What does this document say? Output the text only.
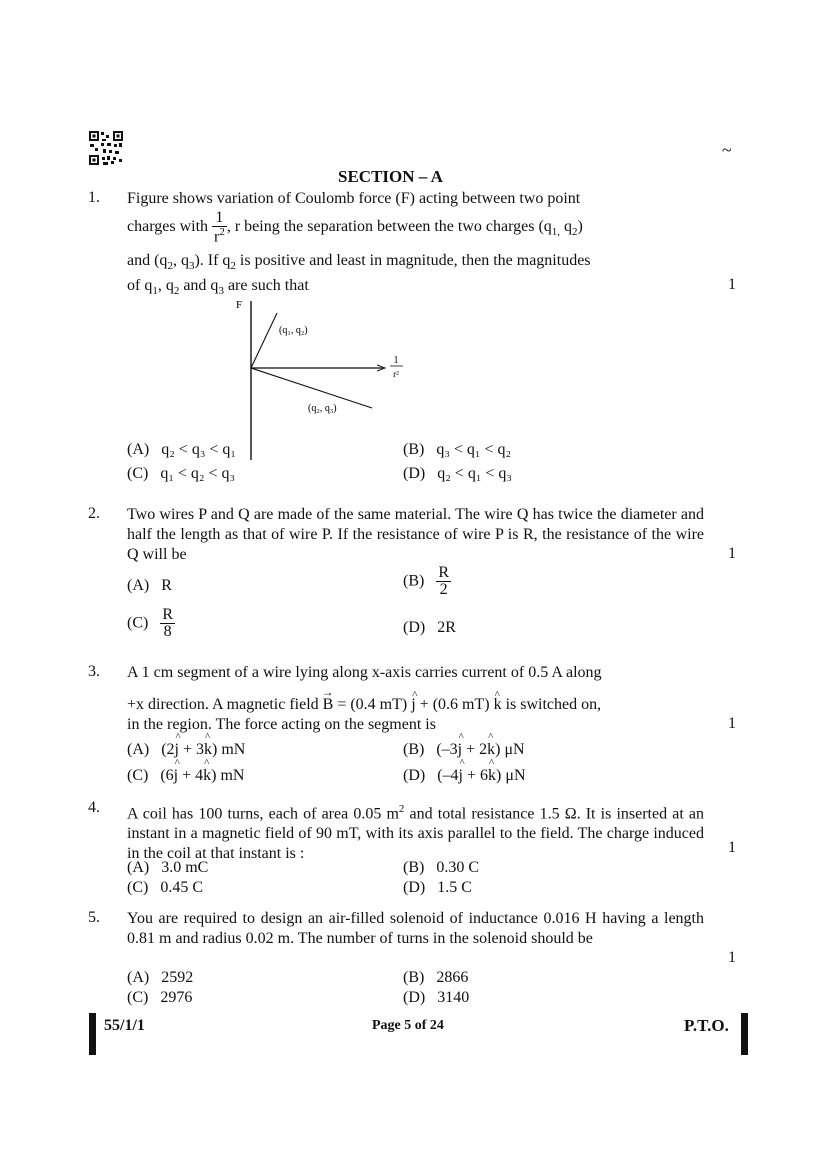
~
SECTION – A
1. Figure shows variation of Coulomb force (F) acting between two point
charges with $\frac{1}{r^2}$ , r being the separation between the two charges ($q_{1,}$ $q_2$)
and ($q_2$, $q_3$). If $q_2$ is positive and least in magnitude, then the magnitudes
of $q_1$, $q_2$ and $q_3$ are such that	1
F
1
r²
(q₁, q₂)
(q₂, q₃)
(A) q₂ < q₃ < q₁	(B) q₃ < q₁ < q₂
(C) q₁ < q₂ < q₃	(D) q₂ < q₁ < q₃
2. Two wires P and Q are made of the same material. The wire Q has twice the diameter and half the length as that of wire P. If the resistance of wire P is R, the resistance of the wire Q will be	1
(A) R	$(B) \frac{R}{2}$
$(C) \frac{R}{8}$	(D) 2R
3. A 1 cm segment of a wire lying along x-axis carries current of 0.5 A along
+x direction. A magnetic field → B = (0.4 mT) ^ j + (0.6 mT) ^ k is switched on,
in the region. The force acting on the segment is	1
(A) (2^ j + 3^ k) mN	(B) (–3^ j + 2^ k) μN
(C) (6^ j + 4^ k) mN	(D) (–4^ j + 6^ k) μN
4. A coil has 100 turns, each of area 0.05 $m^2$ and total resistance 1.5 Ω. It is inserted at an instant in a magnetic field of 90 mT, with its axis parallel to the field. The charge induced in the coil at that instant is :	1
(A) 3.0 mC	(B) 0.30 C
(C) 0.45 C	(D) 1.5 C
5. You are required to design an air-filled solenoid of inductance 0.016 H having a length 0.81 m and radius 0.02 m. The number of turns in the solenoid should be
1
(A) 2592	(B) 2866
(C) 2976	(D) 3140
55/1/1	Page 5 of 24	P.T.O.
